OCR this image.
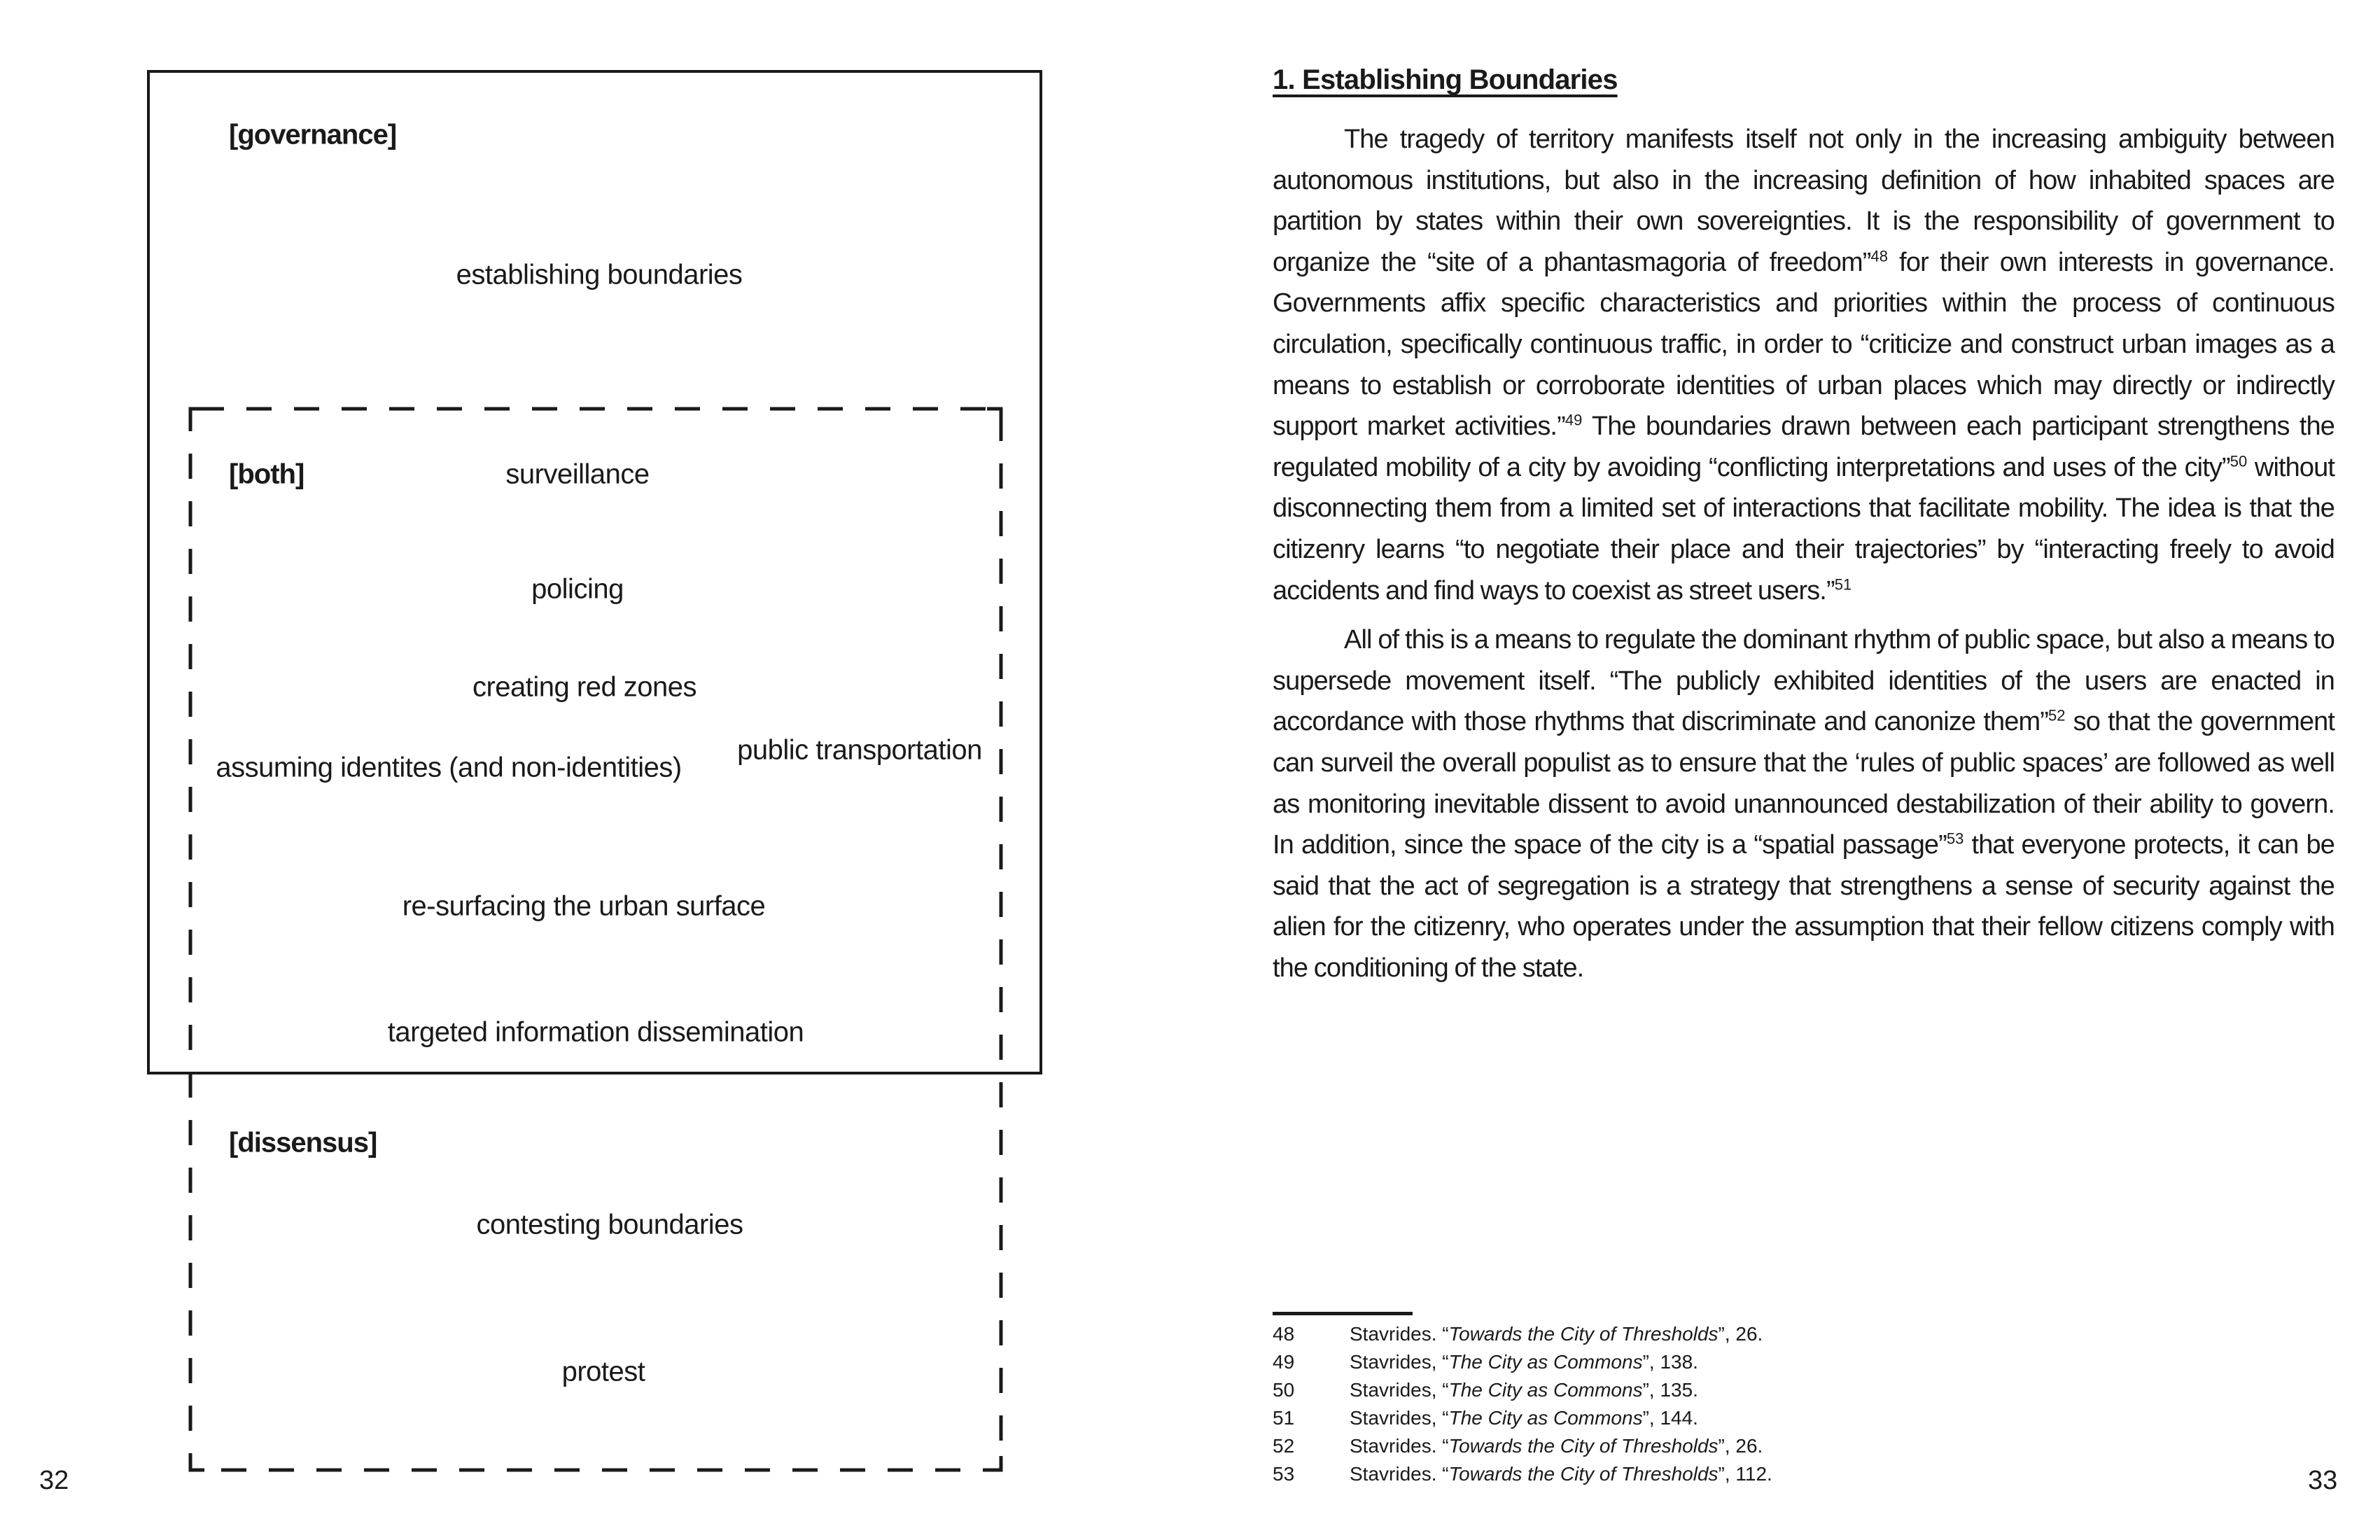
[governance]
establishing boundaries
[both]	surveillance
policing
creating red zones
public transportation
assuming identites (and non-identities)
re-surfacing the urban surface
targeted information dissemination
[dissensus]
contesting boundaries
protest
32
1. Establishing Boundaries

The tragedy of territory manifests itself not only in the increasing ambiguity between autonomous institutions, but also in the increasing definition of how inhabited spaces are partition by states within their own sovereignties. It is the responsibility of government to organize the “site of a phantasmagoria of freedom”$^{48}$ for their own interests in governance. Governments affix specific characteristics and priorities within the process of continuous circulation, specifically continuous traffic, in order to “criticize and construct urban images as a means to establish or corroborate identities of urban places which may directly or indirectly support market activities.”$^{49}$ The boundaries drawn between each participant strengthens the regulated mobility of a city by avoiding “conflicting interpretations and uses of the city”$^{50}$ without disconnecting them from a limited set of interactions that facilitate mobility. The idea is that the citizenry learns “to negotiate their place and their trajectories” by “interacting freely to avoid accidents and find ways to coexist as street users.”$^{51}$

All of this is a means to regulate the dominant rhythm of public space, but also a means to supersede movement itself. “The publicly exhibited identities of the users are enacted in accordance with those rhythms that discriminate and canonize them”$^{52}$ so that the government can surveil the overall populist as to ensure that the ‘rules of public spaces’ are followed as well as monitoring inevitable dissent to avoid unannounced destabilization of their ability to govern. In addition, since the space of the city is a “spatial passage”$^{53}$ that everyone protects, it can be said that the act of segregation is a strategy that strengthens a sense of security against the alien for the citizenry, who operates under the assumption that their fellow citizens comply with the conditioning of the state.

48	Stavrides. “Towards the City of Thresholds”, 26.
49	Stavrides, “The City as Commons”, 138.
50	Stavrides, “The City as Commons”, 135.
51	Stavrides, “The City as Commons”, 144.
52	Stavrides. “Towards the City of Thresholds”, 26.
53	Stavrides. “Towards the City of Thresholds”, 112.	33
